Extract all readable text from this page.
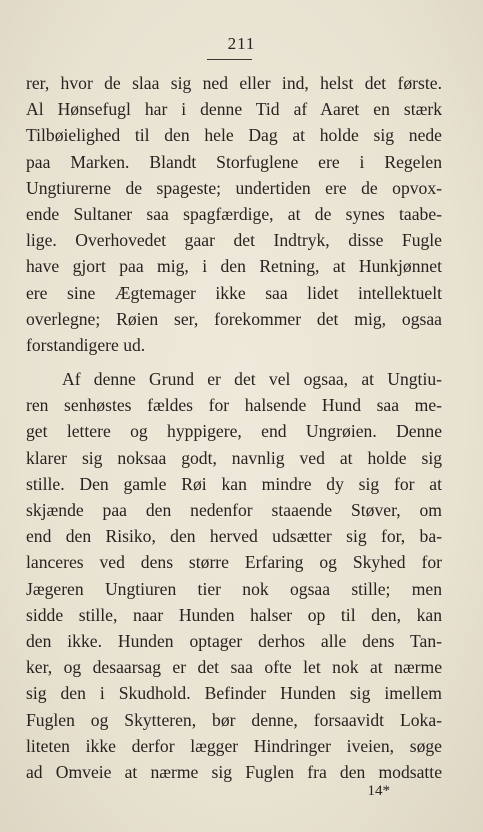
211
rer, hvor de slaa sig ned eller ind, helst det første.
Al Hønsefugl har i denne Tid af Aaret en stærk
Tilbøielighed til den hele Dag at holde sig nede
paa Marken. Blandt Storfuglene ere i Regelen
Ungtiurerne de spageste; undertiden ere de opvox-
ende Sultaner saa spagfærdige, at de synes taabe-
lige. Overhovedet gaar det Indtryk, disse Fugle
have gjort paa mig, i den Retning, at Hunkjønnet
ere sine Ægtemager ikke saa lidet intellektuelt
overlegne; Røien ser, forekommer det mig, ogsaa
forstandigere ud.
Af denne Grund er det vel ogsaa, at Ungtiu-
ren senhøstes fældes for halsende Hund saa me-
get lettere og hyppigere, end Ungrøien. Denne
klarer sig noksaa godt, navnlig ved at holde sig
stille. Den gamle Røi kan mindre dy sig for at
skjænde paa den nedenfor staaende Støver, om
end den Risiko, den herved udsætter sig for, ba-
lanceres ved dens større Erfaring og Skyhed for
Jægeren Ungtiuren tier nok ogsaa stille; men
sidde stille, naar Hunden halser op til den, kan
den ikke. Hunden optager derhos alle dens Tan-
ker, og desaarsag er det saa ofte let nok at nærme
sig den i Skudhold. Befinder Hunden sig imellem
Fuglen og Skytteren, bør denne, forsaavidt Loka-
liteten ikke derfor lægger Hindringer iveien, søge
ad Omveie at nærme sig Fuglen fra den modsatte
14*
